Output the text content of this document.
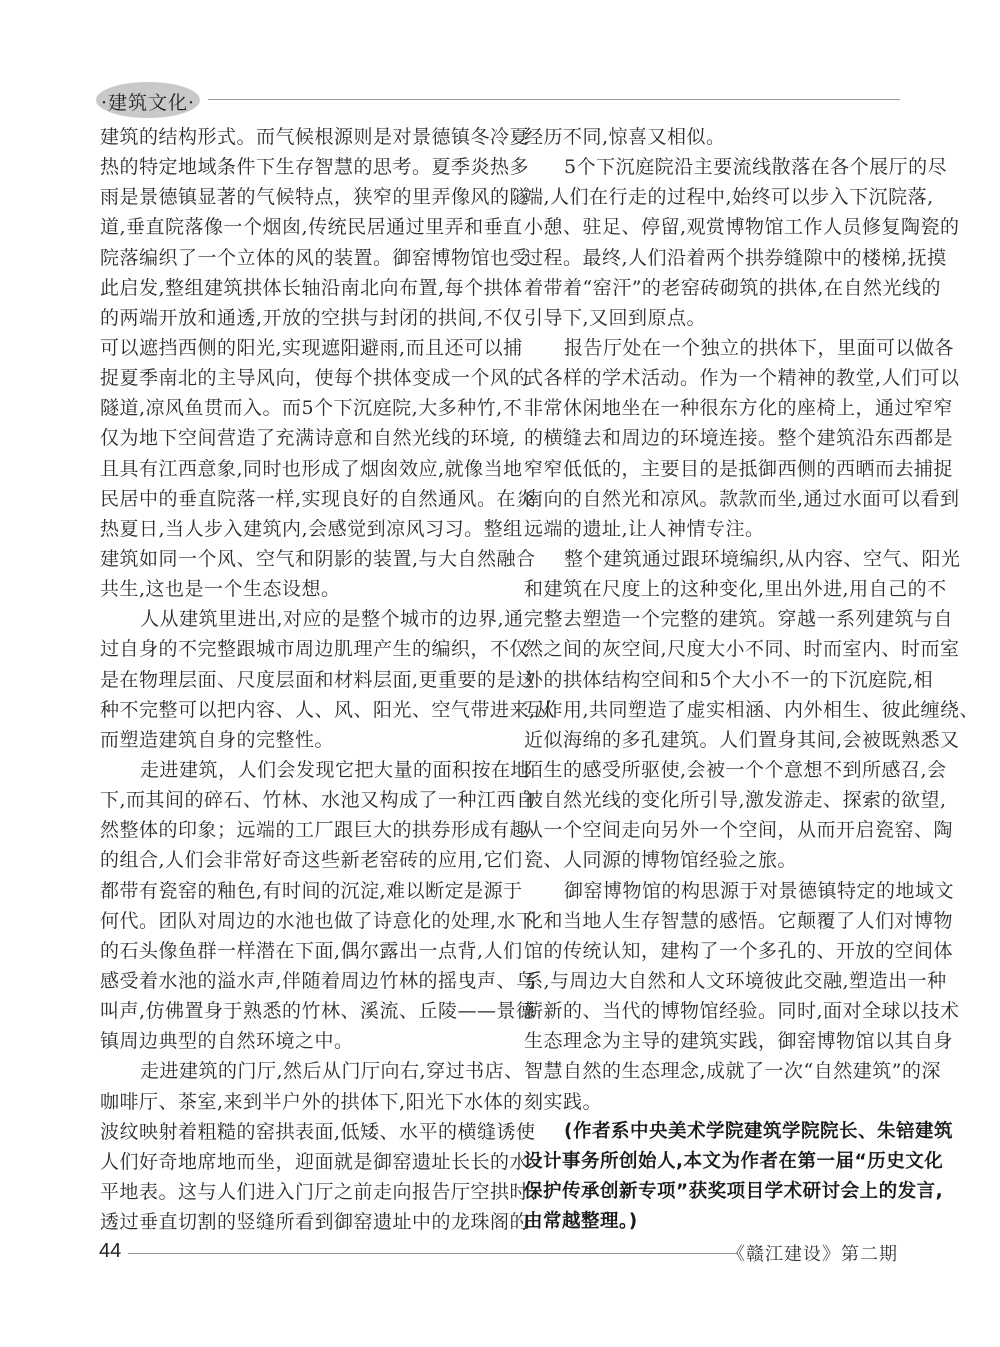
·建筑文化·
建筑的结构形式。而气候根源则是对景德镇冬冷夏
热的特定地域条件下生存智慧的思考。夏季炎热多
雨是景德镇显著的气候特点，狭窄的里弄像风的隧
道,垂直院落像一个烟囱,传统民居通过里弄和垂直
院落编织了一个立体的风的装置。御窑博物馆也受
此启发,整组建筑拱体长轴沿南北向布置,每个拱体
的两端开放和通透,开放的空拱与封闭的拱间,不仅
可以遮挡西侧的阳光,实现遮阳避雨,而且还可以捕
捉夏季南北的主导风向，使每个拱体变成一个风的
隧道,凉风鱼贯而入。而5个下沉庭院,大多种竹,不
仅为地下空间营造了充满诗意和自然光线的环境,
且具有江西意象,同时也形成了烟囱效应,就像当地
民居中的垂直院落一样,实现良好的自然通风。在炎
热夏日,当人步入建筑内,会感觉到凉风习习。整组
建筑如同一个风、空气和阴影的装置,与大自然融合
共生,这也是一个生态设想。
人从建筑里进出,对应的是整个城市的边界,通
过自身的不完整跟城市周边肌理产生的编织，不仅
是在物理层面、尺度层面和材料层面,更重要的是这
种不完整可以把内容、人、风、阳光、空气带进来,从
而塑造建筑自身的完整性。
走进建筑，人们会发现它把大量的面积按在地
下,而其间的碎石、竹林、水池又构成了一种江西自
然整体的印象；远端的工厂跟巨大的拱券形成有趣
的组合,人们会非常好奇这些新老窑砖的应用,它们
都带有瓷窑的釉色,有时间的沉淀,难以断定是源于
何代。团队对周边的水池也做了诗意化的处理,水下
的石头像鱼群一样潜在下面,偶尔露出一点背,人们
感受着水池的溢水声,伴随着周边竹林的摇曳声、鸟
叫声,仿佛置身于熟悉的竹林、溪流、丘陵——景德
镇周边典型的自然环境之中。
走进建筑的门厅,然后从门厅向右,穿过书店、
咖啡厅、茶室,来到半户外的拱体下,阳光下水体的
波纹映射着粗糙的窑拱表面,低矮、水平的横缝诱使
人们好奇地席地而坐，迎面就是御窑遗址长长的水
平地表。这与人们进入门厅之前走向报告厅空拱时、
透过垂直切割的竖缝所看到御窑遗址中的龙珠阁的
经历不同,惊喜又相似。
5个下沉庭院沿主要流线散落在各个展厅的尽
端,人们在行走的过程中,始终可以步入下沉院落,
小憩、驻足、停留,观赏博物馆工作人员修复陶瓷的
过程。最终,人们沿着两个拱券缝隙中的楼梯,抚摸
着带着“窑汗”的老窑砖砌筑的拱体,在自然光线的
引导下,又回到原点。
报告厅处在一个独立的拱体下，里面可以做各
式各样的学术活动。作为一个精神的教堂,人们可以
非常休闲地坐在一种很东方化的座椅上，通过窄窄
的横缝去和周边的环境连接。整个建筑沿东西都是
窄窄低低的，主要目的是抵御西侧的西晒而去捕捉
南向的自然光和凉风。款款而坐,通过水面可以看到
远端的遗址,让人神情专注。
整个建筑通过跟环境编织,从内容、空气、阳光
和建筑在尺度上的这种变化,里出外进,用自己的不
完整去塑造一个完整的建筑。穿越一系列建筑与自
然之间的灰空间,尺度大小不同、时而室内、时而室
外的拱体结构空间和5个大小不一的下沉庭院,相
互作用,共同塑造了虚实相涵、内外相生、彼此缠绕、
近似海绵的多孔建筑。人们置身其间,会被既熟悉又
陌生的感受所驱使,会被一个个意想不到所感召,会
被自然光线的变化所引导,激发游走、探索的欲望,
从一个空间走向另外一个空间，从而开启瓷窑、陶
瓷、人同源的博物馆经验之旅。
御窑博物馆的构思源于对景德镇特定的地域文
化和当地人生存智慧的感悟。它颠覆了人们对博物
馆的传统认知，建构了一个多孔的、开放的空间体
系,与周边大自然和人文环境彼此交融,塑造出一种
薪新的、当代的博物馆经验。同时,面对全球以技术
生态理念为主导的建筑实践，御窑博物馆以其自身
智慧自然的生态理念,成就了一次“自然建筑”的深
刻实践。
(作者系中央美术学院建筑学院院长、朱锫建筑
设计事务所创始人,本文为作者在第一届“历史文化
保护传承创新专项”获奖项目学术研讨会上的发言,
由常越整理。)
44	《赣江建设》第二期
